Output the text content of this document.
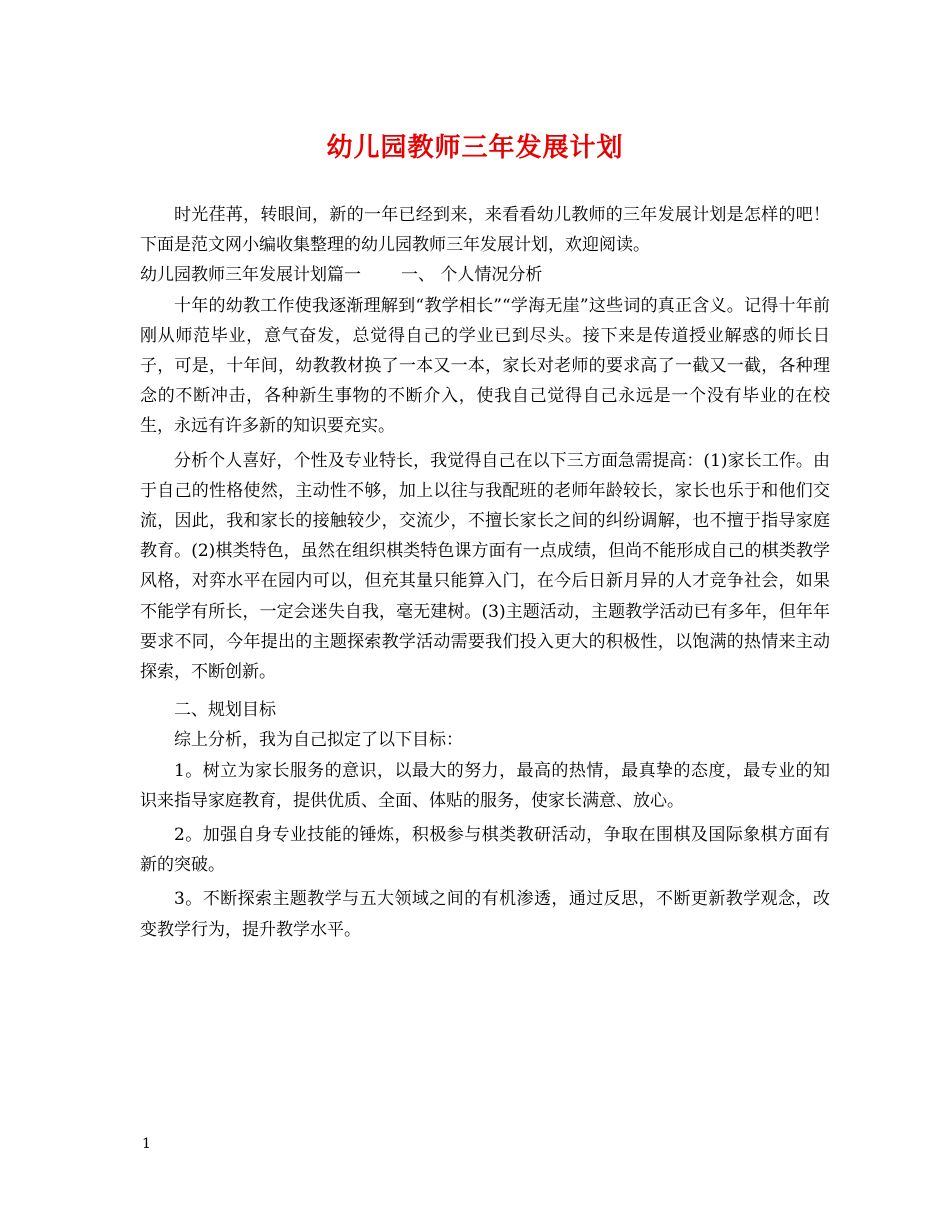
幼儿园教师三年发展计划

时光荏苒，转眼间，新的一年已经到来，来看看幼儿教师的三年发展计划是怎样的吧！下面是范文网小编收集整理的幼儿园教师三年发展计划，欢迎阅读。

幼儿园教师三年发展计划篇一 一、 个人情况分析

十年的幼教工作使我逐渐理解到“教学相长”“学海无崖”这些词的真正含义。记得十年前刚从师范毕业，意气奋发，总觉得自己的学业已到尽头。接下来是传道授业解惑的师长日子，可是，十年间，幼教教材换了一本又一本，家长对老师的要求高了一截又一截，各种理念的不断冲击，各种新生事物的不断介入，使我自己觉得自己永远是一个没有毕业的在校生，永远有许多新的知识要充实。

分析个人喜好，个性及专业特长，我觉得自己在以下三方面急需提高：(1)家长工作。由于自己的性格使然，主动性不够，加上以往与我配班的老师年龄较长，家长也乐于和他们交流，因此，我和家长的接触较少，交流少，不擅长家长之间的纠纷调解，也不擅于指导家庭教育。(2)棋类特色，虽然在组织棋类特色课方面有一点成绩，但尚不能形成自己的棋类教学风格，对弈水平在园内可以，但充其量只能算入门，在今后日新月异的人才竞争社会，如果不能学有所长，一定会迷失自我，毫无建树。(3)主题活动，主题教学活动已有多年，但年年要求不同，今年提出的主题探索教学活动需要我们投入更大的积极性，以饱满的热情来主动探索，不断创新。

二、规划目标

综上分析，我为自己拟定了以下目标：

1。树立为家长服务的意识，以最大的努力，最高的热情，最真挚的态度，最专业的知识来指导家庭教育，提供优质、全面、体贴的服务，使家长满意、放心。

2。加强自身专业技能的锤炼，积极参与棋类教研活动，争取在围棋及国际象棋方面有新的突破。

3。不断探索主题教学与五大领域之间的有机渗透，通过反思，不断更新教学观念，改变教学行为，提升教学水平。

1
